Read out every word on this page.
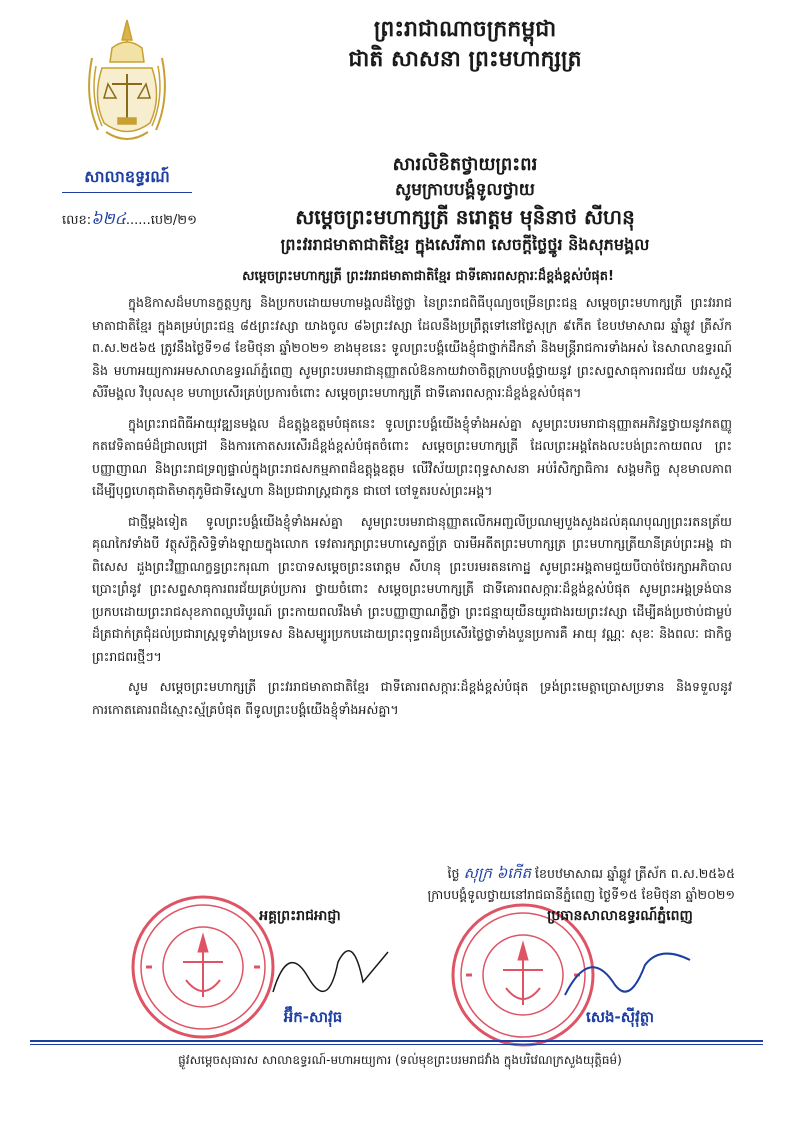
ព្រះរាជាណាចក្រកម្ពុជា
ជាតិ សាសនា ព្រះមហាក្សត្រ
សាលាឧទ្ធរណ៍
លេខ:៦២៤......បេ២/២១
សារលិខិតថ្វាយព្រះពរ
សូមក្រាបបង្គំទូលថ្វាយ
សម្តេចព្រះមហាក្សត្រី នរោត្តម មុនិនាថ សីហនុ
ព្រះវររាជមាតាជាតិខ្មែរ ក្នុងសេរីភាព សេចក្តីថ្លៃថ្នូរ និងសុភមង្គល
សម្តេចព្រះមហាក្សត្រី ព្រះវររាជមាតាជាតិខ្មែរ ជាទីគោរពសក្ការៈដ៏ខ្ពង់ខ្ពស់បំផុត!

ក្នុងឱកាសដ៏មហានក្ខត្តឫក្ស និងប្រកបដោយមហាមង្គលដ៏ថ្លៃថ្លា នៃព្រះរាជពិធីបុណ្យចម្រើនព្រះជន្ម សម្តេចព្រះមហាក្សត្រី ព្រះវររាជមាតាជាតិខ្មែរ ក្នុងគម្រប់ព្រះជន្ម ៨៥ព្រះវស្សា យាងចូល ៨៦ព្រះវស្សា ដែលនឹងប្រព្រឹត្តទៅនៅថ្ងៃសុក្រ ៩កើត ខែបឋមាសាឍ ឆ្នាំឆ្លូវ ត្រីស័ក ព.ស.២៥៦៥ ត្រូវនឹងថ្ងៃទី១៨ ខែមិថុនា ឆ្នាំ២០២១ ខាងមុខនេះ ទូលព្រះបង្គំយើងខ្ញុំជាថ្នាក់ដឹកនាំ និងមន្ត្រីរាជការទាំងអស់ នៃសាលាឧទ្ធរណ៍ និង មហាអយ្យការអមសាលាឧទ្ធរណ៍ភ្នំពេញ សូមព្រះបរមរាជានុញ្ញាតលំឱនកាយវាចាចិត្តក្រាបបង្គំថ្វាយនូវ ព្រះសព្ទសាធុការពរជ័យ បវរសួស្តី សិរីមង្គល វិបុលសុខ មហាប្រសើរគ្រប់ប្រការចំពោះ សម្តេចព្រះមហាក្សត្រី ជាទីគោរពសក្ការៈដ៏ខ្ពង់ខ្ពស់បំផុត។

ក្នុងព្រះរាជពិធីអាយុវឌ្ឍនមង្គល ដ៏ឧត្តុង្គឧត្តមបំផុតនេះ ទូលព្រះបង្គំយើងខ្ញុំទាំងអស់គ្នា សូមព្រះបរមរាជានុញ្ញាតអភិវន្ទថ្វាយនូវកតញ្ញូកតវេទិតាធម៌ដ៏ជ្រាលជ្រៅ និងការកោតសរសើរដ៏ខ្ពង់ខ្ពស់បំផុតចំពោះ សម្តេចព្រះមហាក្សត្រី ដែលព្រះអង្គតែងលះបង់ព្រះកាយពល ព្រះបញ្ញាញាណ និងព្រះរាជទ្រព្យផ្ទាល់ក្នុងព្រះរាជសកម្មភាពដ៏ឧត្តុង្គឧត្តម លើវិស័យព្រះពុទ្ធសាសនា អប់រំសិក្សាធិការ សង្គមកិច្ច សុខមាលភាព ដើម្បីបុព្វហេតុជាតិមាតុភូមិជាទីស្នេហា និងប្រជារាស្ត្រជាកូន ជាចៅ ចៅទួតរបស់ព្រះអង្គ។

ជាថ្មីម្តងទៀត ទូលព្រះបង្គំយើងខ្ញុំទាំងអស់គ្នា សូមព្រះបរមរាជានុញ្ញាតលើកអញ្ជលីប្រណម្យបួងសួងដល់គុណបុណ្យព្រះរតនត្រ័យ គុណកៃវទាំងបី វត្ថុស័ក្តិសិទ្ធិទាំងឡាយក្នុងលោក ទេវតារក្សាព្រះមហាស្វេតច្ឆ័ត្រ បារមីអតីតព្រះមហាក្សត្រ ព្រះមហាក្សត្រីយានីគ្រប់ព្រះអង្គ ជាពិសេស ដួងព្រះវិញ្ញាណក្ខន្ធព្រះករុណា ព្រះបាទសម្តេចព្រះនរោត្តម សីហនុ ព្រះបរមរតនកោដ្ឋ សូមព្រះអង្គតាមជួយបីបាច់ថែរក្សាអភិបាលប្រោះព្រំនូវ ព្រះសព្ទសាធុការពរជ័យគ្រប់ប្រការ ថ្វាយចំពោះ សម្តេចព្រះមហាក្សត្រី ជាទីគោរពសក្ការៈដ៏ខ្ពង់ខ្ពស់បំផុត សូមព្រះអង្គទ្រង់បានប្រកបដោយព្រះរាជសុខភាពល្អបរិបូរណ៍ ព្រះកាយពលរឹងមាំ ព្រះបញ្ញាញាណភ្លឺថ្លា ព្រះជន្មាយុយឺនយូរជាងរយព្រះវស្សា ដើម្បីគង់ប្រថាប់ជាម្លប់ដ៏ត្រជាក់ត្រជុំដល់ប្រជារាស្ត្រទូទាំងប្រទេស និងសម្បូរប្រកបដោយព្រះពុទ្ធពរដ៏ប្រសើរថ្លៃថ្លាទាំងបួនប្រការគឺ អាយុ វណ្ណៈ សុខៈ និងពលៈ ជាកិច្ចព្រះរាជពរថ្មីៗ។

សូម សម្តេចព្រះមហាក្សត្រី ព្រះវររាជមាតាជាតិខ្មែរ ជាទីគោរពសក្ការៈដ៏ខ្ពង់ខ្ពស់បំផុត ទ្រង់ព្រះមេត្តាប្រោសប្រទាន និងទទួលនូវការកោតគោរពដ៏ស្មោះស្ម័គ្របំផុត ពីទូលព្រះបង្គំយើងខ្ញុំទាំងអស់គ្នា។

ថ្ងៃ សុក្រ ៦កើត ខែបឋមាសាឍ ឆ្នាំឆ្លូវ ត្រីស័ក ព.ស.២៥៦៥
ក្រាបបង្គំទូលថ្វាយនៅរាជធានីភ្នំពេញ ថ្ងៃទី១៥ ខែមិថុនា ឆ្នាំ២០២១
អគ្គព្រះរាជអាជ្ញា	ប្រធានសាលាឧទ្ធរណ៍ភ្នំពេញ
អ៊ឹក-សាវុធ	សេង-ស៊ីវុត្ថា
ផ្លូវសម្តេចសុធារស សាលាឧទ្ធរណ៍-មហាអយ្យការ (ទល់មុខព្រះបរមរាជវាំង ក្នុងបរិវេណក្រសួងយុត្តិធម៌)
